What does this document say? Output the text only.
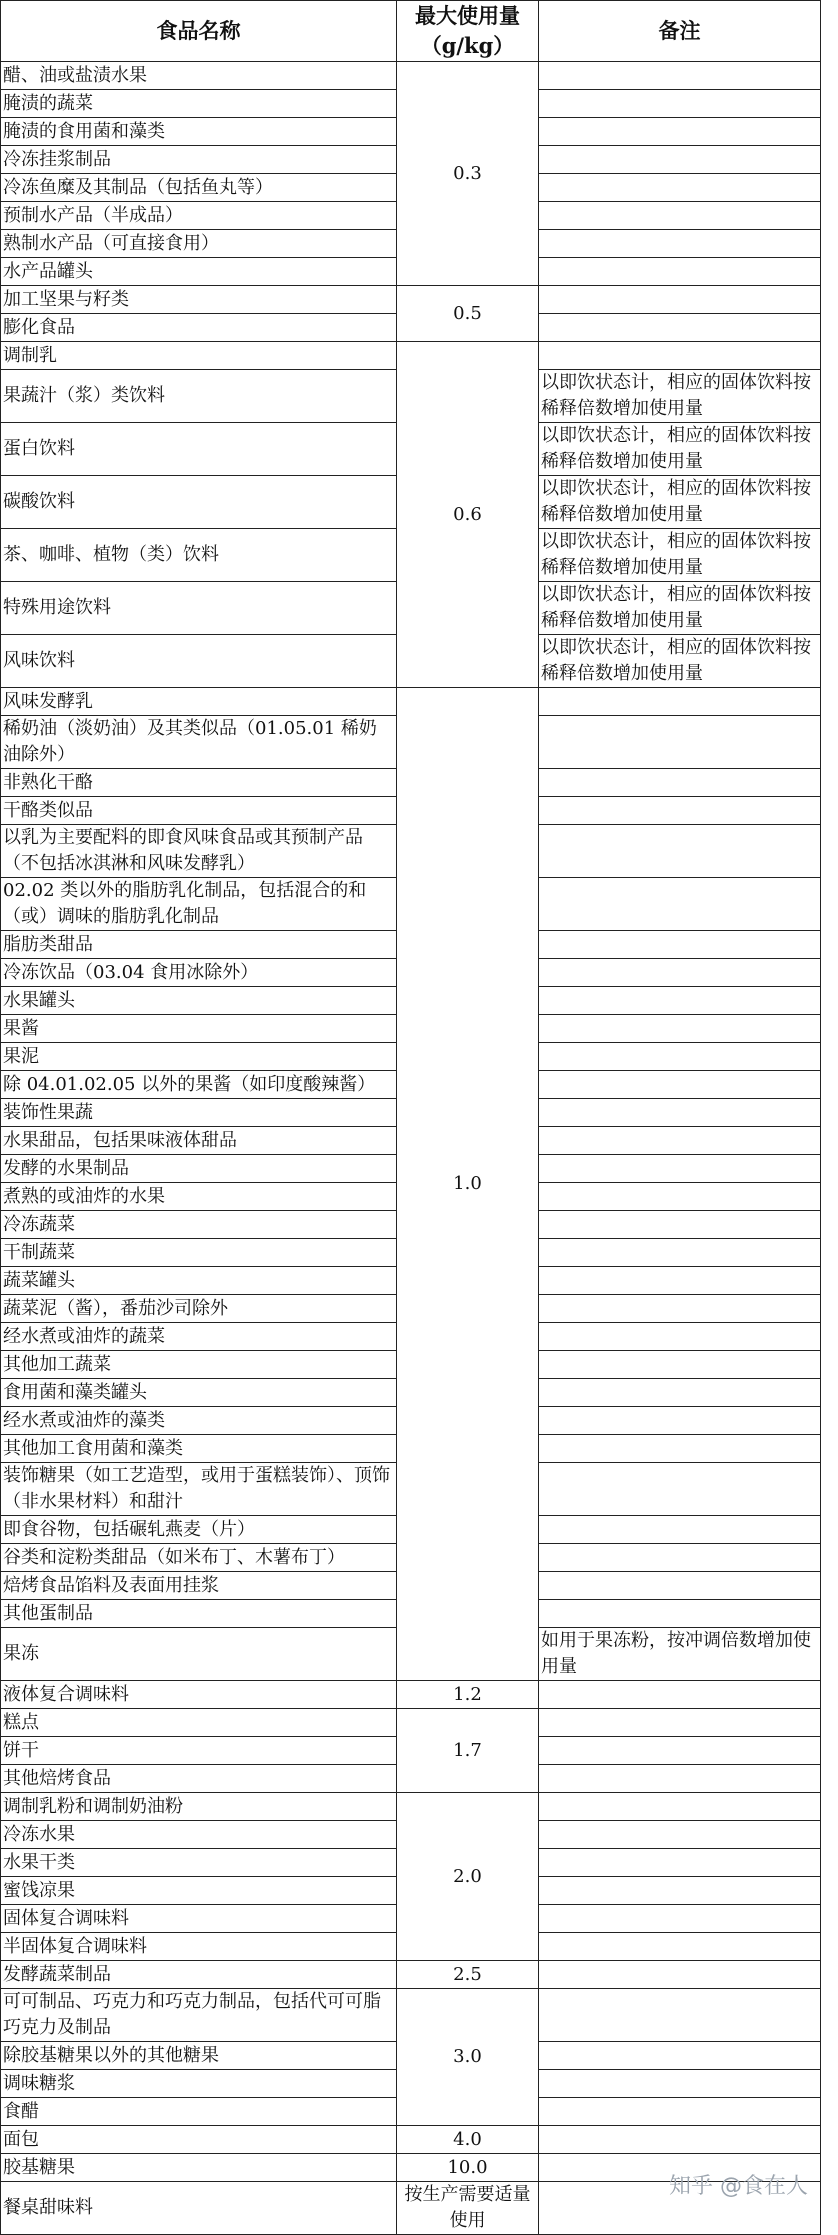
食品名称	最大使用量（g/kg）	备注
醋、油或盐渍水果	0.3	
腌渍的蔬菜		
腌渍的食用菌和藻类		
冷冻挂浆制品		
冷冻鱼糜及其制品（包括鱼丸等）		
预制水产品（半成品）		
熟制水产品（可直接食用）		
水产品罐头		
加工坚果与籽类	0.5	
膨化食品		
调制乳	0.6	
果蔬汁（浆）类饮料		以即饮状态计，相应的固体饮料按稀释倍数增加使用量
蛋白饮料		以即饮状态计，相应的固体饮料按稀释倍数增加使用量
碳酸饮料		以即饮状态计，相应的固体饮料按稀释倍数增加使用量
茶、咖啡、植物（类）饮料		以即饮状态计，相应的固体饮料按稀释倍数增加使用量
特殊用途饮料		以即饮状态计，相应的固体饮料按稀释倍数增加使用量
风味饮料		以即饮状态计，相应的固体饮料按稀释倍数增加使用量
风味发酵乳	1.0	
稀奶油（淡奶油）及其类似品（01.05.01 稀奶油除外）		
非熟化干酪		
干酪类似品		
以乳为主要配料的即食风味食品或其预制产品（不包括冰淇淋和风味发酵乳）		
02.02 类以外的脂肪乳化制品，包括混合的和（或）调味的脂肪乳化制品		
脂肪类甜品		
冷冻饮品（03.04 食用冰除外）		
水果罐头		
果酱		
果泥		
除 04.01.02.05 以外的果酱（如印度酸辣酱）		
装饰性果蔬		
水果甜品，包括果味液体甜品		
发酵的水果制品		
煮熟的或油炸的水果		
冷冻蔬菜		
干制蔬菜		
蔬菜罐头		
蔬菜泥（酱），番茄沙司除外		
经水煮或油炸的蔬菜		
其他加工蔬菜		
食用菌和藻类罐头		
经水煮或油炸的藻类		
其他加工食用菌和藻类		
装饰糖果（如工艺造型，或用于蛋糕装饰）、顶饰（非水果材料）和甜汁		
即食谷物，包括碾轧燕麦（片）		
谷类和淀粉类甜品（如米布丁、木薯布丁）		
焙烤食品馅料及表面用挂浆		
其他蛋制品		
果冻		如用于果冻粉，按冲调倍数增加使用量
液体复合调味料	1.2	
糕点	1.7	
饼干		
其他焙烤食品		
调制乳粉和调制奶油粉	2.0	
冷冻水果		
水果干类		
蜜饯凉果		
固体复合调味料		
半固体复合调味料		
发酵蔬菜制品	2.5	
可可制品、巧克力和巧克力制品，包括代可可脂巧克力及制品	3.0	
除胶基糖果以外的其他糖果		
调味糖浆		
食醋		
面包	4.0	
胶基糖果	10.0	
餐桌甜味料	按生产需要适量使用	
知乎 @食在人
